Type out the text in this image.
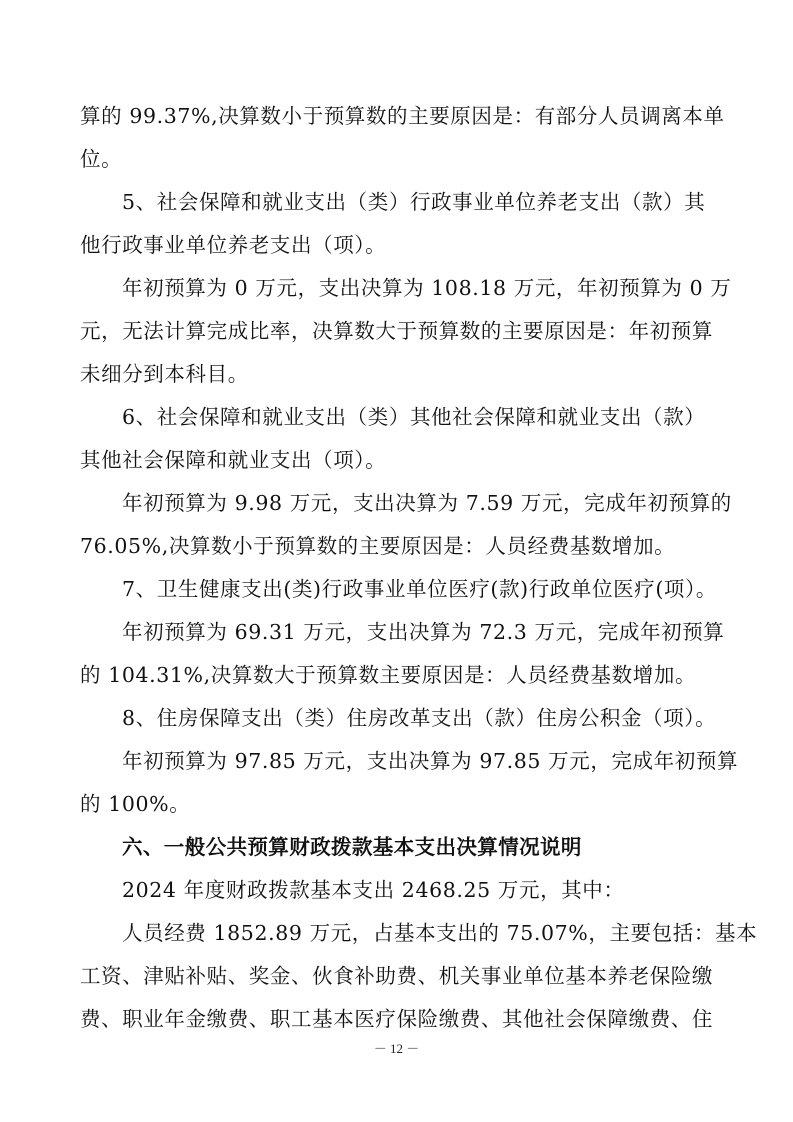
算的 99.37%,决算数小于预算数的主要原因是：有部分人员调离本单
位。
5、社会保障和就业支出（类）行政事业单位养老支出（款）其
他行政事业单位养老支出（项）。
年初预算为 0 万元，支出决算为 108.18 万元，年初预算为 0 万
元，无法计算完成比率，决算数大于预算数的主要原因是：年初预算
未细分到本科目。
6、社会保障和就业支出（类）其他社会保障和就业支出（款）
其他社会保障和就业支出（项）。
年初预算为 9.98 万元，支出决算为 7.59 万元，完成年初预算的
76.05%,决算数小于预算数的主要原因是：人员经费基数增加。
7、卫生健康支出(类)行政事业单位医疗(款)行政单位医疗(项）。
年初预算为 69.31 万元，支出决算为 72.3 万元，完成年初预算
的 104.31%,决算数大于预算数主要原因是：人员经费基数增加。
8、住房保障支出（类）住房改革支出（款）住房公积金（项）。
年初预算为 97.85 万元，支出决算为 97.85 万元，完成年初预算
的 100%。
六、一般公共预算财政拨款基本支出决算情况说明
2024 年度财政拨款基本支出 2468.25 万元，其中：
人员经费 1852.89 万元，占基本支出的 75.07%，主要包括：基本
工资、津贴补贴、奖金、伙食补助费、机关事业单位基本养老保险缴
费、职业年金缴费、职工基本医疗保险缴费、其他社会保障缴费、住
－ 12 －
